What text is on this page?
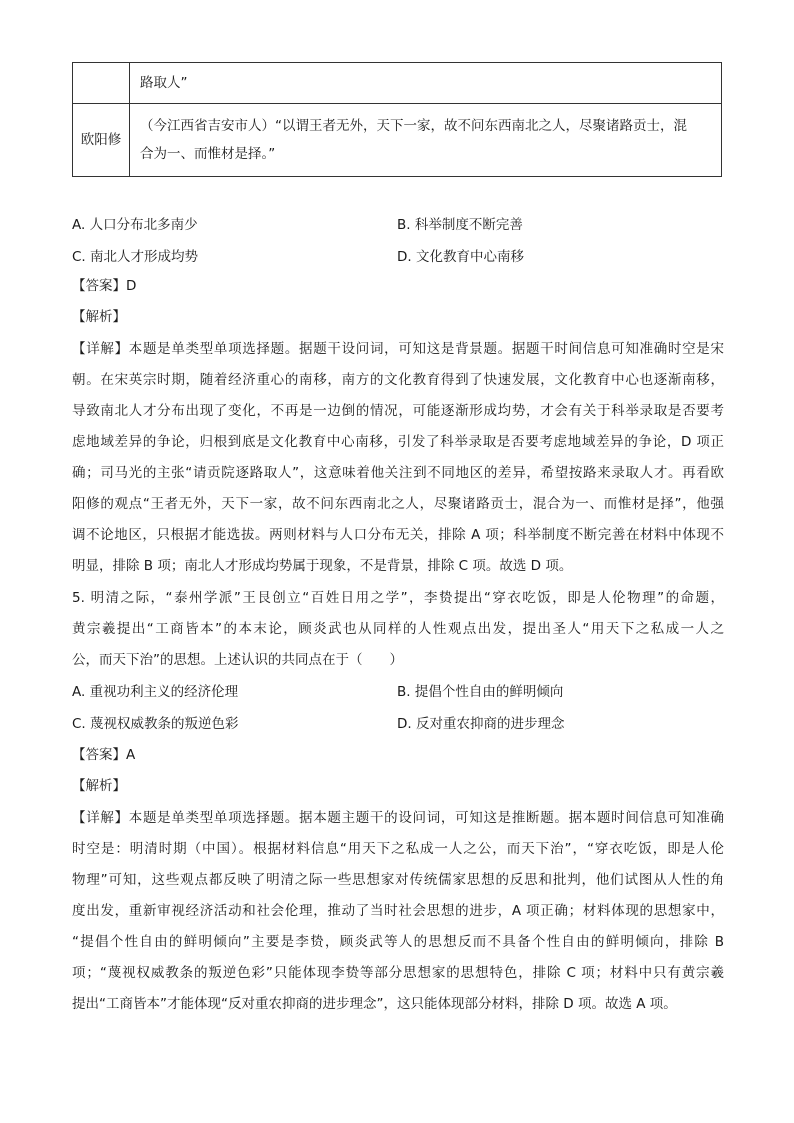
	路取人”
欧阳修	（今江西省吉安市人）“以谓王者无外，天下一家，故不问东西南北之人，尽聚诸路贡士，混
合为一、而惟材是择。”
A. 人口分布北多南少	B. 科举制度不断完善
C. 南北人才形成均势	D. 文化教育中心南移
【答案】D
【解析】
【详解】本题是单类型单项选择题。据题干设问词，可知这是背景题。据题干时间信息可知准确时空是宋
朝。在宋英宗时期，随着经济重心的南移，南方的文化教育得到了快速发展，文化教育中心也逐渐南移，
导致南北人才分布出现了变化，不再是一边倒的情况，可能逐渐形成均势，才会有关于科举录取是否要考
虑地域差异的争论，归根到底是文化教育中心南移，引发了科举录取是否要考虑地域差异的争论，D 项正
确；司马光的主张“请贡院逐路取人”，这意味着他关注到不同地区的差异，希望按路来录取人才。再看欧
阳修的观点“王者无外，天下一家，故不问东西南北之人，尽聚诸路贡士，混合为一、而惟材是择”，他强
调不论地区，只根据才能选拔。两则材料与人口分布无关，排除 A 项；科举制度不断完善在材料中体现不
明显，排除 B 项；南北人才形成均势属于现象，不是背景，排除 C 项。故选 D 项。
5. 明清之际，“泰州学派”王艮创立“百姓日用之学”，李贽提出“穿衣吃饭，即是人伦物理”的命题，
黄宗羲提出“工商皆本”的本末论，顾炎武也从同样的人性观点出发，提出圣人“用天下之私成一人之
公，而天下治”的思想。上述认识的共同点在于（　　）
A. 重视功利主义的经济伦理	B. 提倡个性自由的鲜明倾向
C. 蔑视权威教条的叛逆色彩	D. 反对重农抑商的进步理念
【答案】A
【解析】
【详解】本题是单类型单项选择题。据本题主题干的设问词，可知这是推断题。据本题时间信息可知准确
时空是：明清时期（中国）。根据材料信息“用天下之私成一人之公，而天下治”，“穿衣吃饭，即是人伦
物理”可知，这些观点都反映了明清之际一些思想家对传统儒家思想的反思和批判，他们试图从人性的角
度出发，重新审视经济活动和社会伦理，推动了当时社会思想的进步，A 项正确；材料体现的思想家中，
“提倡个性自由的鲜明倾向”主要是李贽，顾炎武等人的思想反而不具备个性自由的鲜明倾向，排除 B
项；“蔑视权威教条的叛逆色彩”只能体现李贽等部分思想家的思想特色，排除 C 项；材料中只有黄宗羲
提出“工商皆本”才能体现“反对重农抑商的进步理念”，这只能体现部分材料，排除 D 项。故选 A 项。
